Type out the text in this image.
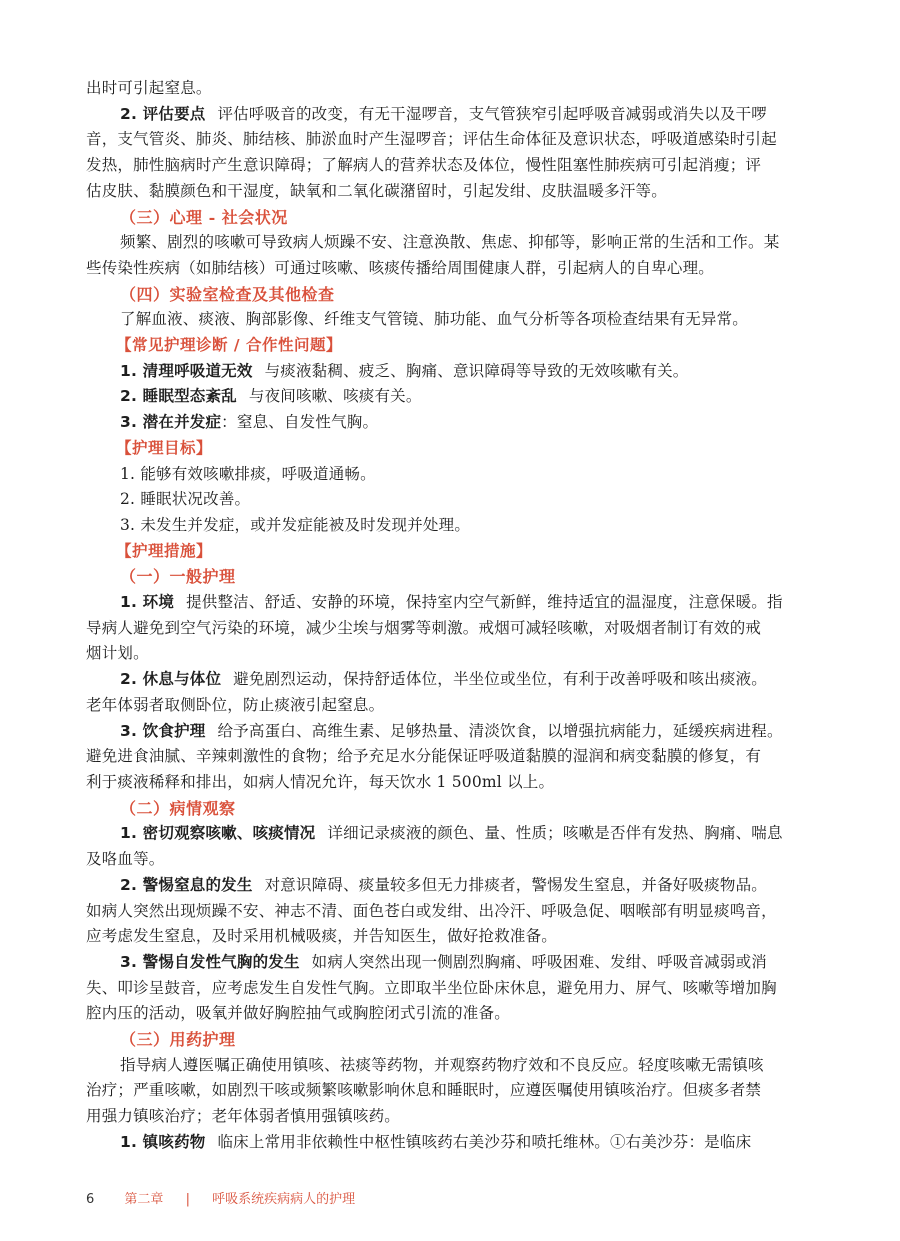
出时可引起窒息。
2. 评估要点 评估呼吸音的改变，有无干湿啰音，支气管狭窄引起呼吸音减弱或消失以及干啰
音，支气管炎、肺炎、肺结核、肺淤血时产生湿啰音；评估生命体征及意识状态，呼吸道感染时引起
发热，肺性脑病时产生意识障碍；了解病人的营养状态及体位，慢性阻塞性肺疾病可引起消瘦；评
估皮肤、黏膜颜色和干湿度，缺氧和二氧化碳潴留时，引起发绀、皮肤温暖多汗等。
（三）心理 - 社会状况
频繁、剧烈的咳嗽可导致病人烦躁不安、注意涣散、焦虑、抑郁等，影响正常的生活和工作。某
些传染性疾病（如肺结核）可通过咳嗽、咳痰传播给周围健康人群，引起病人的自卑心理。
（四）实验室检查及其他检查
了解血液、痰液、胸部影像、纤维支气管镜、肺功能、血气分析等各项检查结果有无异常。
【常见护理诊断 / 合作性问题】
1. 清理呼吸道无效 与痰液黏稠、疲乏、胸痛、意识障碍等导致的无效咳嗽有关。
2. 睡眠型态紊乱 与夜间咳嗽、咳痰有关。
3. 潜在并发症：窒息、自发性气胸。
【护理目标】
1. 能够有效咳嗽排痰，呼吸道通畅。
2. 睡眠状况改善。
3. 未发生并发症，或并发症能被及时发现并处理。
【护理措施】
（一）一般护理
1. 环境 提供整洁、舒适、安静的环境，保持室内空气新鲜，维持适宜的温湿度，注意保暖。指
导病人避免到空气污染的环境，减少尘埃与烟雾等刺激。戒烟可减轻咳嗽，对吸烟者制订有效的戒
烟计划。
2. 休息与体位 避免剧烈运动，保持舒适体位，半坐位或坐位，有利于改善呼吸和咳出痰液。
老年体弱者取侧卧位，防止痰液引起窒息。
3. 饮食护理 给予高蛋白、高维生素、足够热量、清淡饮食，以增强抗病能力，延缓疾病进程。
避免进食油腻、辛辣刺激性的食物；给予充足水分能保证呼吸道黏膜的湿润和病变黏膜的修复，有
利于痰液稀释和排出，如病人情况允许，每天饮水 1 500ml 以上。
（二）病情观察
1. 密切观察咳嗽、咳痰情况 详细记录痰液的颜色、量、性质；咳嗽是否伴有发热、胸痛、喘息
及咯血等。
2. 警惕窒息的发生 对意识障碍、痰量较多但无力排痰者，警惕发生窒息，并备好吸痰物品。
如病人突然出现烦躁不安、神志不清、面色苍白或发绀、出冷汗、呼吸急促、咽喉部有明显痰鸣音，
应考虑发生窒息，及时采用机械吸痰，并告知医生，做好抢救准备。
3. 警惕自发性气胸的发生 如病人突然出现一侧剧烈胸痛、呼吸困难、发绀、呼吸音减弱或消
失、叩诊呈鼓音，应考虑发生自发性气胸。立即取半坐位卧床休息，避免用力、屏气、咳嗽等增加胸
腔内压的活动，吸氧并做好胸腔抽气或胸腔闭式引流的准备。
（三）用药护理
指导病人遵医嘱正确使用镇咳、祛痰等药物，并观察药物疗效和不良反应。轻度咳嗽无需镇咳
治疗；严重咳嗽，如剧烈干咳或频繁咳嗽影响休息和睡眠时，应遵医嘱使用镇咳治疗。但痰多者禁
用强力镇咳治疗；老年体弱者慎用强镇咳药。
1. 镇咳药物 临床上常用非依赖性中枢性镇咳药右美沙芬和喷托维林。①右美沙芬：是临床
6 第二章 | 呼吸系统疾病病人的护理
